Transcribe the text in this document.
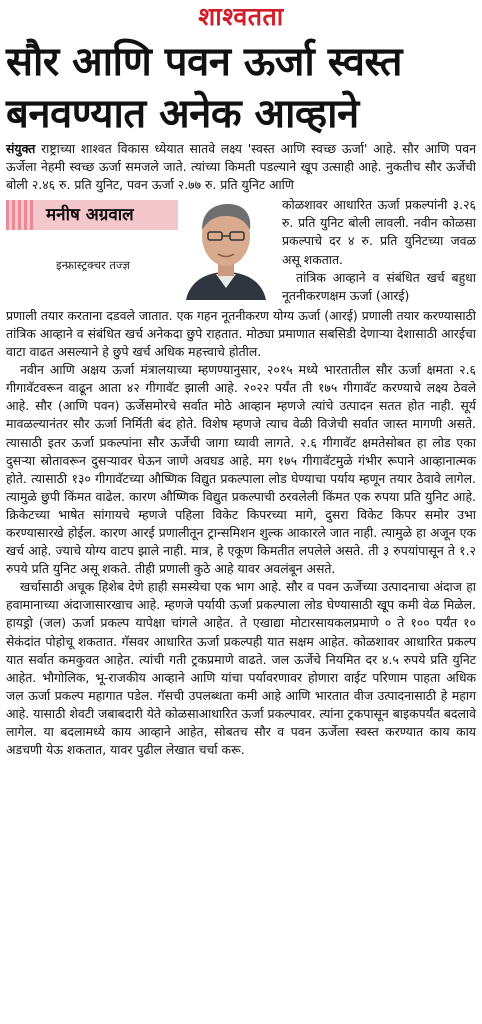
शाश्वतता
सौर आणि पवन ऊर्जा स्वस्त
बनवण्यात अनेक आव्हाने

संयुक्त राष्ट्राच्या शाश्वत विकास ध्येयात सातवे लक्ष्य 'स्वस्त आणि स्वच्छ ऊर्जा' आहे. सौर आणि पवन ऊर्जेला नेहमी स्वच्छ ऊर्जा समजले जाते. त्यांच्या किमती पडल्याने खूप उत्साही आहे. नुकतीच सौर ऊर्जेची बोली २.४६ रु. प्रति युनिट, पवन ऊर्जा २.७७ रु. प्रति युनिट आणि

मनीष अग्रवाल
इन्फ्रास्ट्रक्चर तज्ज्ञ

कोळशावर आधारित ऊर्जा प्रकल्पांनी ३.२६ रु. प्रति युनिट बोली लावली. नवीन कोळसा प्रकल्पाचे दर ४ रु. प्रति युनिटच्या जवळ असू शकतात.

तांत्रिक आव्हाने व संबंधित खर्च बहुधा नूतनीकरणक्षम ऊर्जा (आरई)

प्रणाली तयार करताना दडवले जातात. एक गहन नूतनीकरण योग्य ऊर्जा (आरई) प्रणाली तयार करण्यासाठी तांत्रिक आव्हाने व संबंधित खर्च अनेकदा छुपे राहतात. मोठ्या प्रमाणात सबसिडी देणाऱ्या देशासाठी आरईचा वाटा वाढत असल्याने हे छुपे खर्च अधिक महत्त्वाचे होतील.

नवीन आणि अक्षय ऊर्जा मंत्रालयाच्या म्हणण्यानुसार, २०१५ मध्ये भारतातील सौर ऊर्जा क्षमता २.६ गीगावॅटवरून वाढून आता ४२ गीगावॅट झाली आहे. २०२२ पर्यंत ती १७५ गीगावॅट करण्याचे लक्ष्य ठेवले आहे. सौर (आणि पवन) ऊर्जेसमोरचे सर्वात मोठे आव्हान म्हणजे त्यांचे उत्पादन सतत होत नाही. सूर्य मावळल्यानंतर सौर ऊर्जा निर्मिती बंद होते. विशेष म्हणजे त्याच वेळी विजेची सर्वात जास्त मागणी असते. त्यासाठी इतर ऊर्जा प्रकल्पांना सौर ऊर्जेची जागा घ्यावी लागते. २.६ गीगावॅट क्षमतेसोबत हा लोड एका दुसऱ्या स्रोतावरून दुसऱ्यावर घेऊन जाणे अवघड आहे. मग १७५ गीगावॅटमुळे गंभीर रूपाने आव्हानात्मक होते. त्यासाठी १३० गीगावॅटच्या औष्णिक विद्युत प्रकल्पाला लोड घेण्याचा पर्याय म्हणून तयार ठेवावे लागेल. त्यामुळे छुपी किंमत वाढेल. कारण औष्णिक विद्युत प्रकल्पाची ठरवलेली किंमत एक रुपया प्रति युनिट आहे. क्रिकेटच्या भाषेत सांगायचे म्हणजे पहिला विकेट किपरच्या मागे, दुसरा विकेट किपर समोर उभा करण्यासारखे होईल. कारण आरई प्रणालीतून ट्रान्समिशन शुल्क आकारले जात नाही. त्यामुळे हा अजून एक खर्च आहे. ज्याचे योग्य वाटप झाले नाही. मात्र, हे एकूण किमतीत लपलेले असते. ती ३ रुपयांपासून ते १.२ रुपये प्रति युनिट असू शकते. तीही प्रणाली कुठे आहे यावर अवलंबून असते.

खर्चासाठी अचूक हिशेब देणे हाही समस्येचा एक भाग आहे. सौर व पवन ऊर्जेच्या उत्पादनाचा अंदाज हा हवामानाच्या अंदाजासारखाच आहे. म्हणजे पर्यायी ऊर्जा प्रकल्पाला लोड घेण्यासाठी खूप कमी वेळ मिळेल. हायड्रो (जल) ऊर्जा प्रकल्प यापेक्षा चांगले आहेत. ते एखाद्या मोटारसायकलप्रमाणे ० ते १०० पर्यंत १० सेकंदांत पोहोचू शकतात. गॅसवर आधारित ऊर्जा प्रकल्पही यात सक्षम आहेत. कोळशावर आधारित प्रकल्प यात सर्वात कमकुवत आहेत. त्यांची गती ट्रकप्रमाणे वाढते. जल ऊर्जेचे नियमित दर ४.५ रुपये प्रति युनिट आहेत. भौगोलिक, भू-राजकीय आव्हाने आणि यांचा पर्यावरणावर होणारा वाईट परिणाम पाहता अधिक जल ऊर्जा प्रकल्प महागात पडेल. गॅसची उपलब्धता कमी आहे आणि भारतात वीज उत्पादनासाठी हे महाग आहे. यासाठी शेवटी जबाबदारी येते कोळसाआधारित ऊर्जा प्रकल्पावर. त्यांना ट्रकपासून बाइकपर्यंत बदलावे लागेल. या बदलामध्ये काय आव्हाने आहेत, सोबतच सौर व पवन ऊर्जेला स्वस्त करण्यात काय काय अडचणी येऊ शकतात, यावर पुढील लेखात चर्चा करू.
